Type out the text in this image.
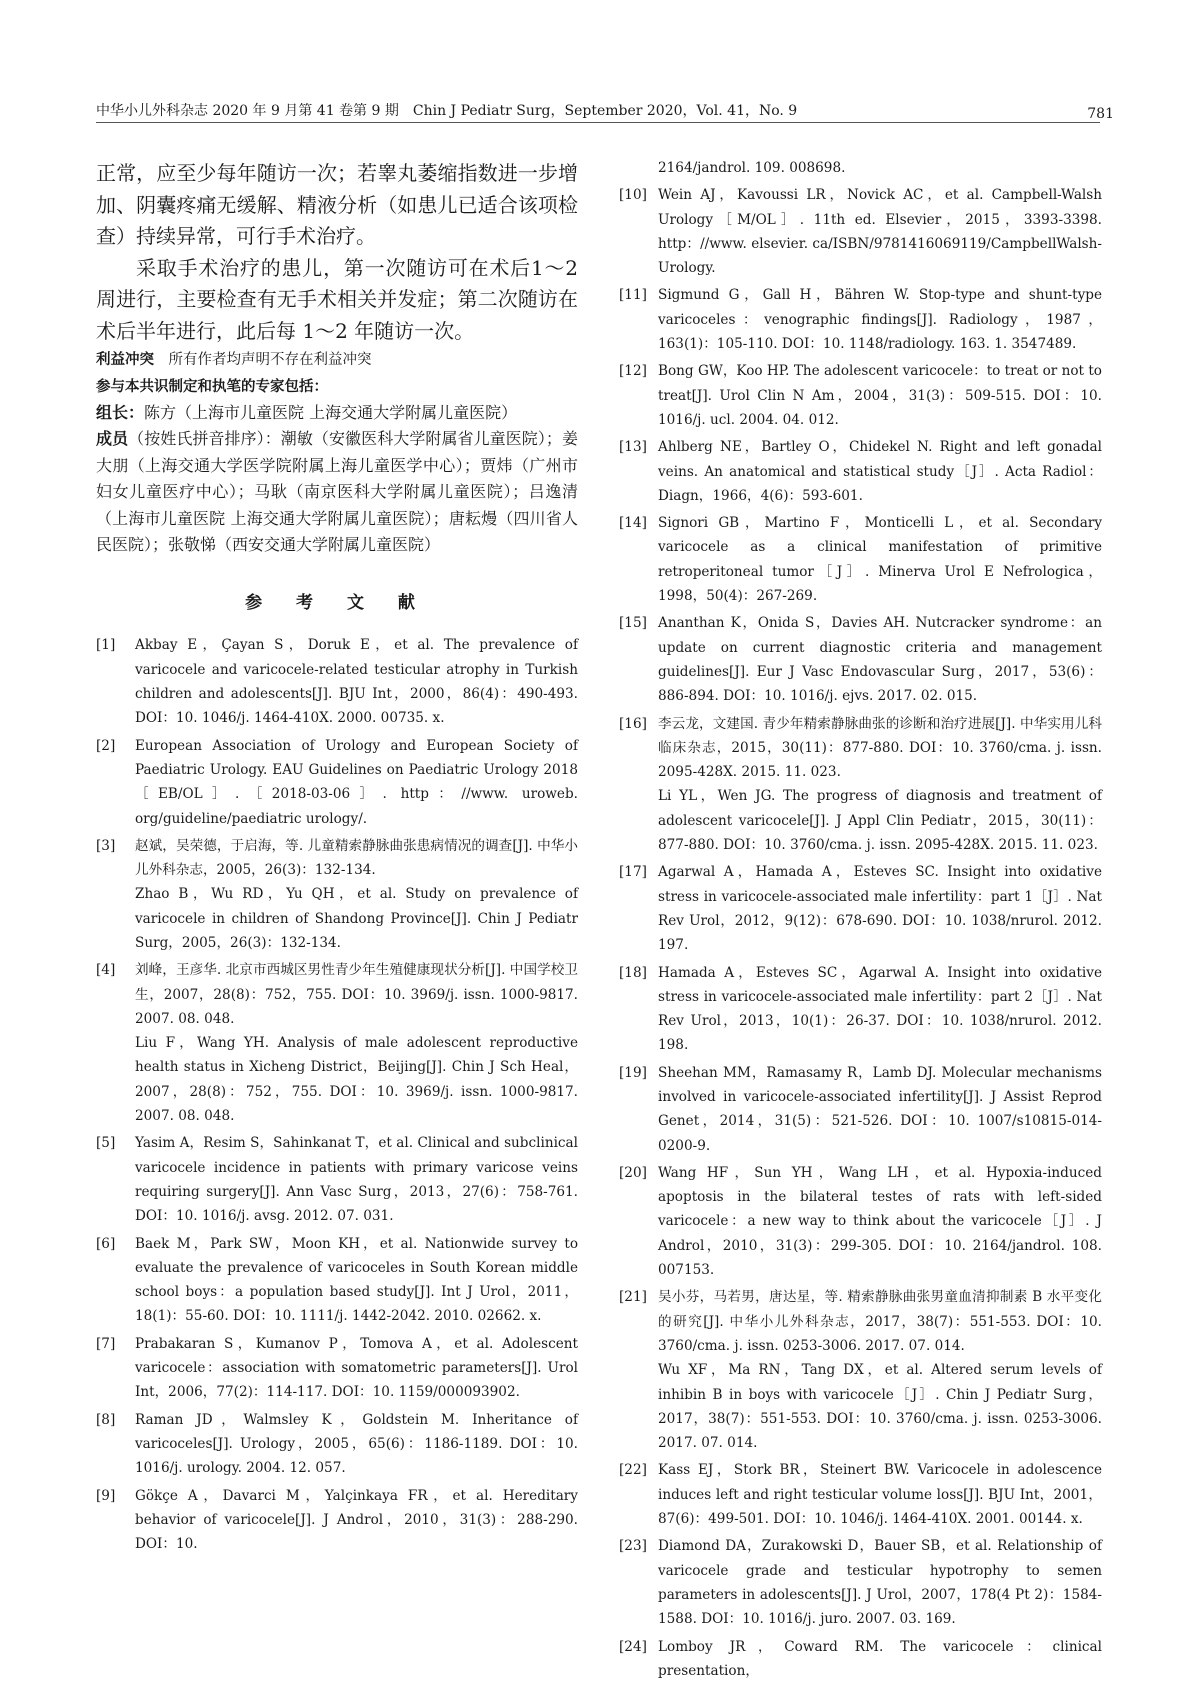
中华小儿外科杂志 2020 年 9 月第 41 卷第 9 期　Chin J Pediatr Surg，September 2020，Vol. 41，No. 9	781

正常，应至少每年随访一次；若睾丸萎缩指数进一步增加、阴囊疼痛无缓解、精液分析（如患儿已适合该项检查）持续异常，可行手术治疗。

采取手术治疗的患儿，第一次随访可在术后1～2 周进行，主要检查有无手术相关并发症；第二次随访在术后半年进行，此后每 1～2 年随访一次。

利益冲突　 所有作者均声明不存在利益冲突

参与本共识制定和执笔的专家包括：

组长：陈方（上海市儿童医院 上海交通大学附属儿童医院）

成员（按姓氏拼音排序）：潮敏（安徽医科大学附属省儿童医院）；姜大朋（上海交通大学医学院附属上海儿童医学中心）；贾炜（广州市妇女儿童医疗中心）；马耿（南京医科大学附属儿童医院）；吕逸清（上海市儿童医院 上海交通大学附属儿童医院）；唐耘熳（四川省人民医院）；张敬悌（西安交通大学附属儿童医院）

参 考 文 献
[1] Akbay E，Çayan S，Doruk E，et al. The prevalence of varicocele and varicocele-related testicular atrophy in Turkish children and adolescents[J]. BJU Int，2000，86(4)：490-493. DOI：10. 1046/j. 1464-410X. 2000. 00735. x.
[2] European Association of Urology and European Society of Paediatric Urology. EAU Guidelines on Paediatric Urology 2018［EB/OL］.［2018-03-06］. http：//www. uroweb. org/guideline/paediatric urology/.
[3] 赵斌，吴荣德，于启海，等. 儿童精索静脉曲张患病情况的调查[J]. 中华小儿外科杂志，2005，26(3)：132-134.
Zhao B，Wu RD，Yu QH，et al. Study on prevalence of varicocele in children of Shandong Province[J]. Chin J Pediatr Surg，2005，26(3)：132-134.
[4] 刘峰，王彦华. 北京市西城区男性青少年生殖健康现状分析[J]. 中国学校卫生，2007，28(8)：752，755. DOI：10. 3969/j. issn. 1000-9817. 2007. 08. 048.
Liu F，Wang YH. Analysis of male adolescent reproductive health status in Xicheng District，Beijing[J]. Chin J Sch Heal，2007，28(8)：752，755. DOI：10. 3969/j. issn. 1000-9817. 2007. 08. 048.
[5] Yasim A，Resim S，Sahinkanat T，et al. Clinical and subclinical varicocele incidence in patients with primary varicose veins requiring surgery[J]. Ann Vasc Surg，2013，27(6)：758-761. DOI：10. 1016/j. avsg. 2012. 07. 031.
[6] Baek M，Park SW，Moon KH，et al. Nationwide survey to evaluate the prevalence of varicoceles in South Korean middle school boys：a population based study[J]. Int J Urol，2011，18(1)：55-60. DOI：10. 1111/j. 1442-2042. 2010. 02662. x.
[7] Prabakaran S，Kumanov P，Tomova A，et al. Adolescent varicocele：association with somatometric parameters[J]. Urol Int，2006，77(2)：114-117. DOI：10. 1159/000093902.
[8] Raman JD，Walmsley K，Goldstein M. Inheritance of varicoceles[J]. Urology，2005，65(6)：1186-1189. DOI：10. 1016/j. urology. 2004. 12. 057.
[9] Gökçe A，Davarci M，Yalçinkaya FR，et al. Hereditary behavior of varicocele[J]. J Androl，2010，31(3)：288-290. DOI：10.
2164/jandrol. 109. 008698.
[10] Wein AJ，Kavoussi LR，Novick AC，et al. Campbell-Walsh Urology［M/OL］. 11th ed. Elsevier，2015，3393-3398. http：//www. elsevier. ca/ISBN/9781416069119/CampbellWalsh-Urology.
[11] Sigmund G，Gall H，Bähren W. Stop-type and shunt-type varicoceles：venographic findings[J]. Radiology，1987，163(1)：105-110. DOI：10. 1148/radiology. 163. 1. 3547489.
[12] Bong GW，Koo HP. The adolescent varicocele：to treat or not to treat[J]. Urol Clin N Am，2004，31(3)：509-515. DOI：10. 1016/j. ucl. 2004. 04. 012.
[13] Ahlberg NE，Bartley O，Chidekel N. Right and left gonadal veins. An anatomical and statistical study［J］. Acta Radiol：Diagn，1966，4(6)：593-601.
[14] Signori GB，Martino F，Monticelli L，et al. Secondary varicocele as a clinical manifestation of primitive retroperitoneal tumor［J］. Minerva Urol E Nefrologica，1998，50(4)：267-269.
[15] Ananthan K，Onida S，Davies AH. Nutcracker syndrome：an update on current diagnostic criteria and management guidelines[J]. Eur J Vasc Endovascular Surg，2017，53(6)：886-894. DOI：10. 1016/j. ejvs. 2017. 02. 015.
[16] 李云龙，文建国. 青少年精索静脉曲张的诊断和治疗进展[J]. 中华实用儿科临床杂志，2015，30(11)：877-880. DOI：10. 3760/cma. j. issn. 2095-428X. 2015. 11. 023.
Li YL，Wen JG. The progress of diagnosis and treatment of adolescent varicocele[J]. J Appl Clin Pediatr，2015，30(11)：877-880. DOI：10. 3760/cma. j. issn. 2095-428X. 2015. 11. 023.
[17] Agarwal A，Hamada A，Esteves SC. Insight into oxidative stress in varicocele-associated male infertility：part 1［J］. Nat Rev Urol，2012，9(12)：678-690. DOI：10. 1038/nrurol. 2012. 197.
[18] Hamada A，Esteves SC，Agarwal A. Insight into oxidative stress in varicocele-associated male infertility：part 2［J］. Nat Rev Urol，2013，10(1)：26-37. DOI：10. 1038/nrurol. 2012. 198.
[19] Sheehan MM，Ramasamy R，Lamb DJ. Molecular mechanisms involved in varicocele-associated infertility[J]. J Assist Reprod Genet，2014，31(5)：521-526. DOI：10. 1007/s10815-014-0200-9.
[20] Wang HF，Sun YH，Wang LH，et al. Hypoxia-induced apoptosis in the bilateral testes of rats with left-sided varicocele：a new way to think about the varicocele［J］. J Androl，2010，31(3)：299-305. DOI：10. 2164/jandrol. 108. 007153.
[21] 吴小芬，马若男，唐达星，等. 精索静脉曲张男童血清抑制素 B 水平变化的研究[J]. 中华小儿外科杂志，2017，38(7)：551-553. DOI：10. 3760/cma. j. issn. 0253-3006. 2017. 07. 014.
Wu XF，Ma RN，Tang DX，et al. Altered serum levels of inhibin B in boys with varicocele［J］. Chin J Pediatr Surg，2017，38(7)：551-553. DOI：10. 3760/cma. j. issn. 0253-3006. 2017. 07. 014.
[22] Kass EJ，Stork BR，Steinert BW. Varicocele in adolescence induces left and right testicular volume loss[J]. BJU Int，2001，87(6)：499-501. DOI：10. 1046/j. 1464-410X. 2001. 00144. x.
[23] Diamond DA，Zurakowski D，Bauer SB，et al. Relationship of varicocele grade and testicular hypotrophy to semen parameters in adolescents[J]. J Urol，2007，178(4 Pt 2)：1584-1588. DOI：10. 1016/j. juro. 2007. 03. 169.
[24] Lomboy JR，Coward RM. The varicocele：clinical presentation，
